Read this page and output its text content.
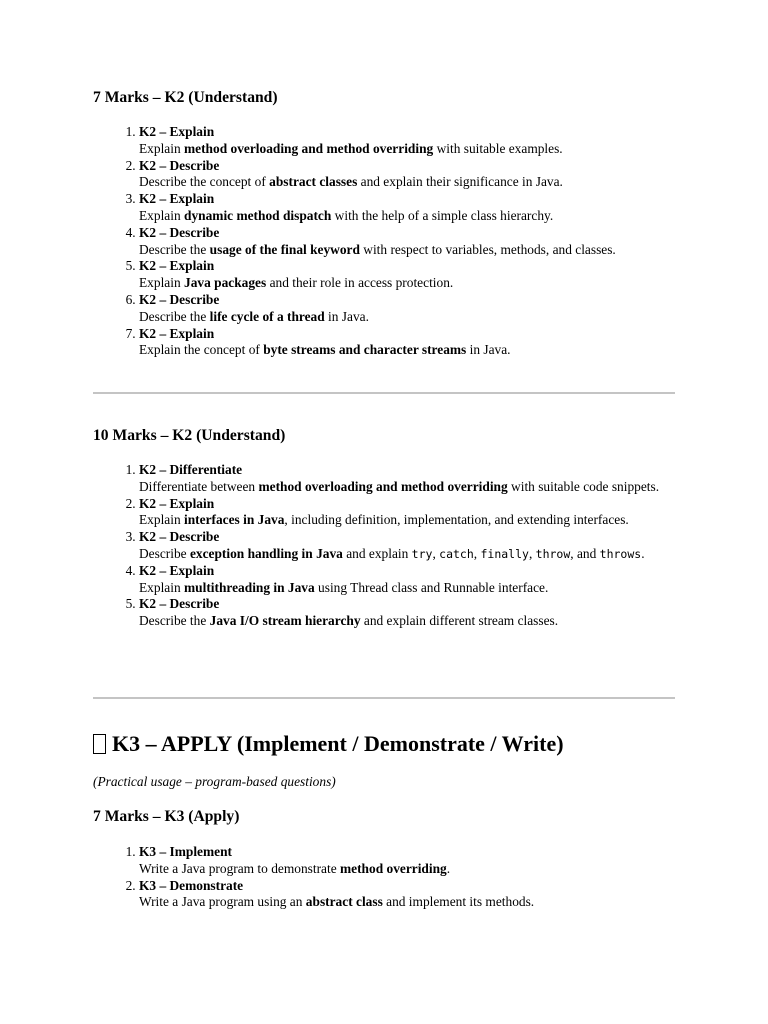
7 Marks – K2 (Understand)
1. K2 – Explain
Explain method overloading and method overriding with suitable examples.
2. K2 – Describe
Describe the concept of abstract classes and explain their significance in Java.
3. K2 – Explain
Explain dynamic method dispatch with the help of a simple class hierarchy.
4. K2 – Describe
Describe the usage of the final keyword with respect to variables, methods, and classes.
5. K2 – Explain
Explain Java packages and their role in access protection.
6. K2 – Describe
Describe the life cycle of a thread in Java.
7. K2 – Explain
Explain the concept of byte streams and character streams in Java.
10 Marks – K2 (Understand)
1. K2 – Differentiate
Differentiate between method overloading and method overriding with suitable code snippets.
2. K2 – Explain
Explain interfaces in Java, including definition, implementation, and extending interfaces.
3. K2 – Describe
Describe exception handling in Java and explain try, catch, finally, throw, and throws.
4. K2 – Explain
Explain multithreading in Java using Thread class and Runnable interface.
5. K2 – Describe
Describe the Java I/O stream hierarchy and explain different stream classes.
K3 – APPLY (Implement / Demonstrate / Write)

(Practical usage – program-based questions)

7 Marks – K3 (Apply)
1. K3 – Implement
Write a Java program to demonstrate method overriding.
2. K3 – Demonstrate
Write a Java program using an abstract class and implement its methods.
